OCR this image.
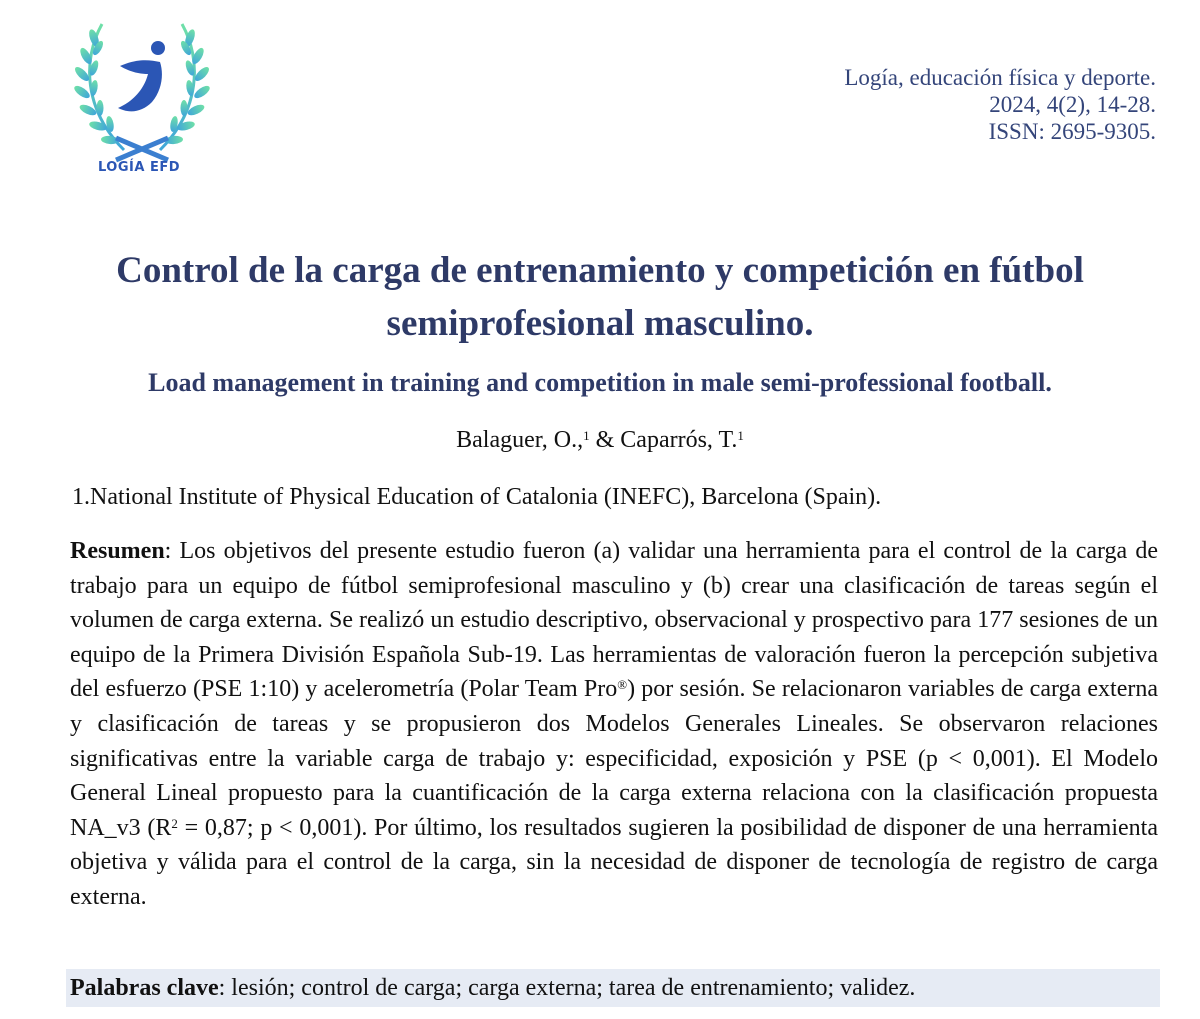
LOGÍA EFD
Logía, educación física y deporte.
2024, 4(2), 14-28.
ISSN: 2695-9305.
Control de la carga de entrenamiento y competición en fútbol semiprofesional masculino.
Load management in training and competition in male semi-professional football.
Balaguer, O.,$^1$ & Caparrós, T.$^1$
1.National Institute of Physical Education of Catalonia (INEFC), Barcelona (Spain).
Resumen: Los objetivos del presente estudio fueron (a) validar una herramienta para el control de la carga de trabajo para un equipo de fútbol semiprofesional masculino y (b) crear una clasificación de tareas según el volumen de carga externa. Se realizó un estudio descriptivo, observacional y prospectivo para 177 sesiones de un equipo de la Primera División Española Sub-19. Las herramientas de valoración fueron la percepción subjetiva del esfuerzo (PSE 1:10) y acelerometría (Polar Team Pro®) por sesión. Se relacionaron variables de carga externa y clasificación de tareas y se propusieron dos Modelos Generales Lineales. Se observaron relaciones significativas entre la variable carga de trabajo y: especificidad, exposición y PSE (p < 0,001). El Modelo General Lineal propuesto para la cuantificación de la carga externa relaciona con la clasificación propuesta NA_v3 ($R^2 = 0,87$; p < 0,001). Por último, los resultados sugieren la posibilidad de disponer de una herramienta objetiva y válida para el control de la carga, sin la necesidad de disponer de tecnología de registro de carga externa.
Palabras clave: lesión; control de carga; carga externa; tarea de entrenamiento; validez.
